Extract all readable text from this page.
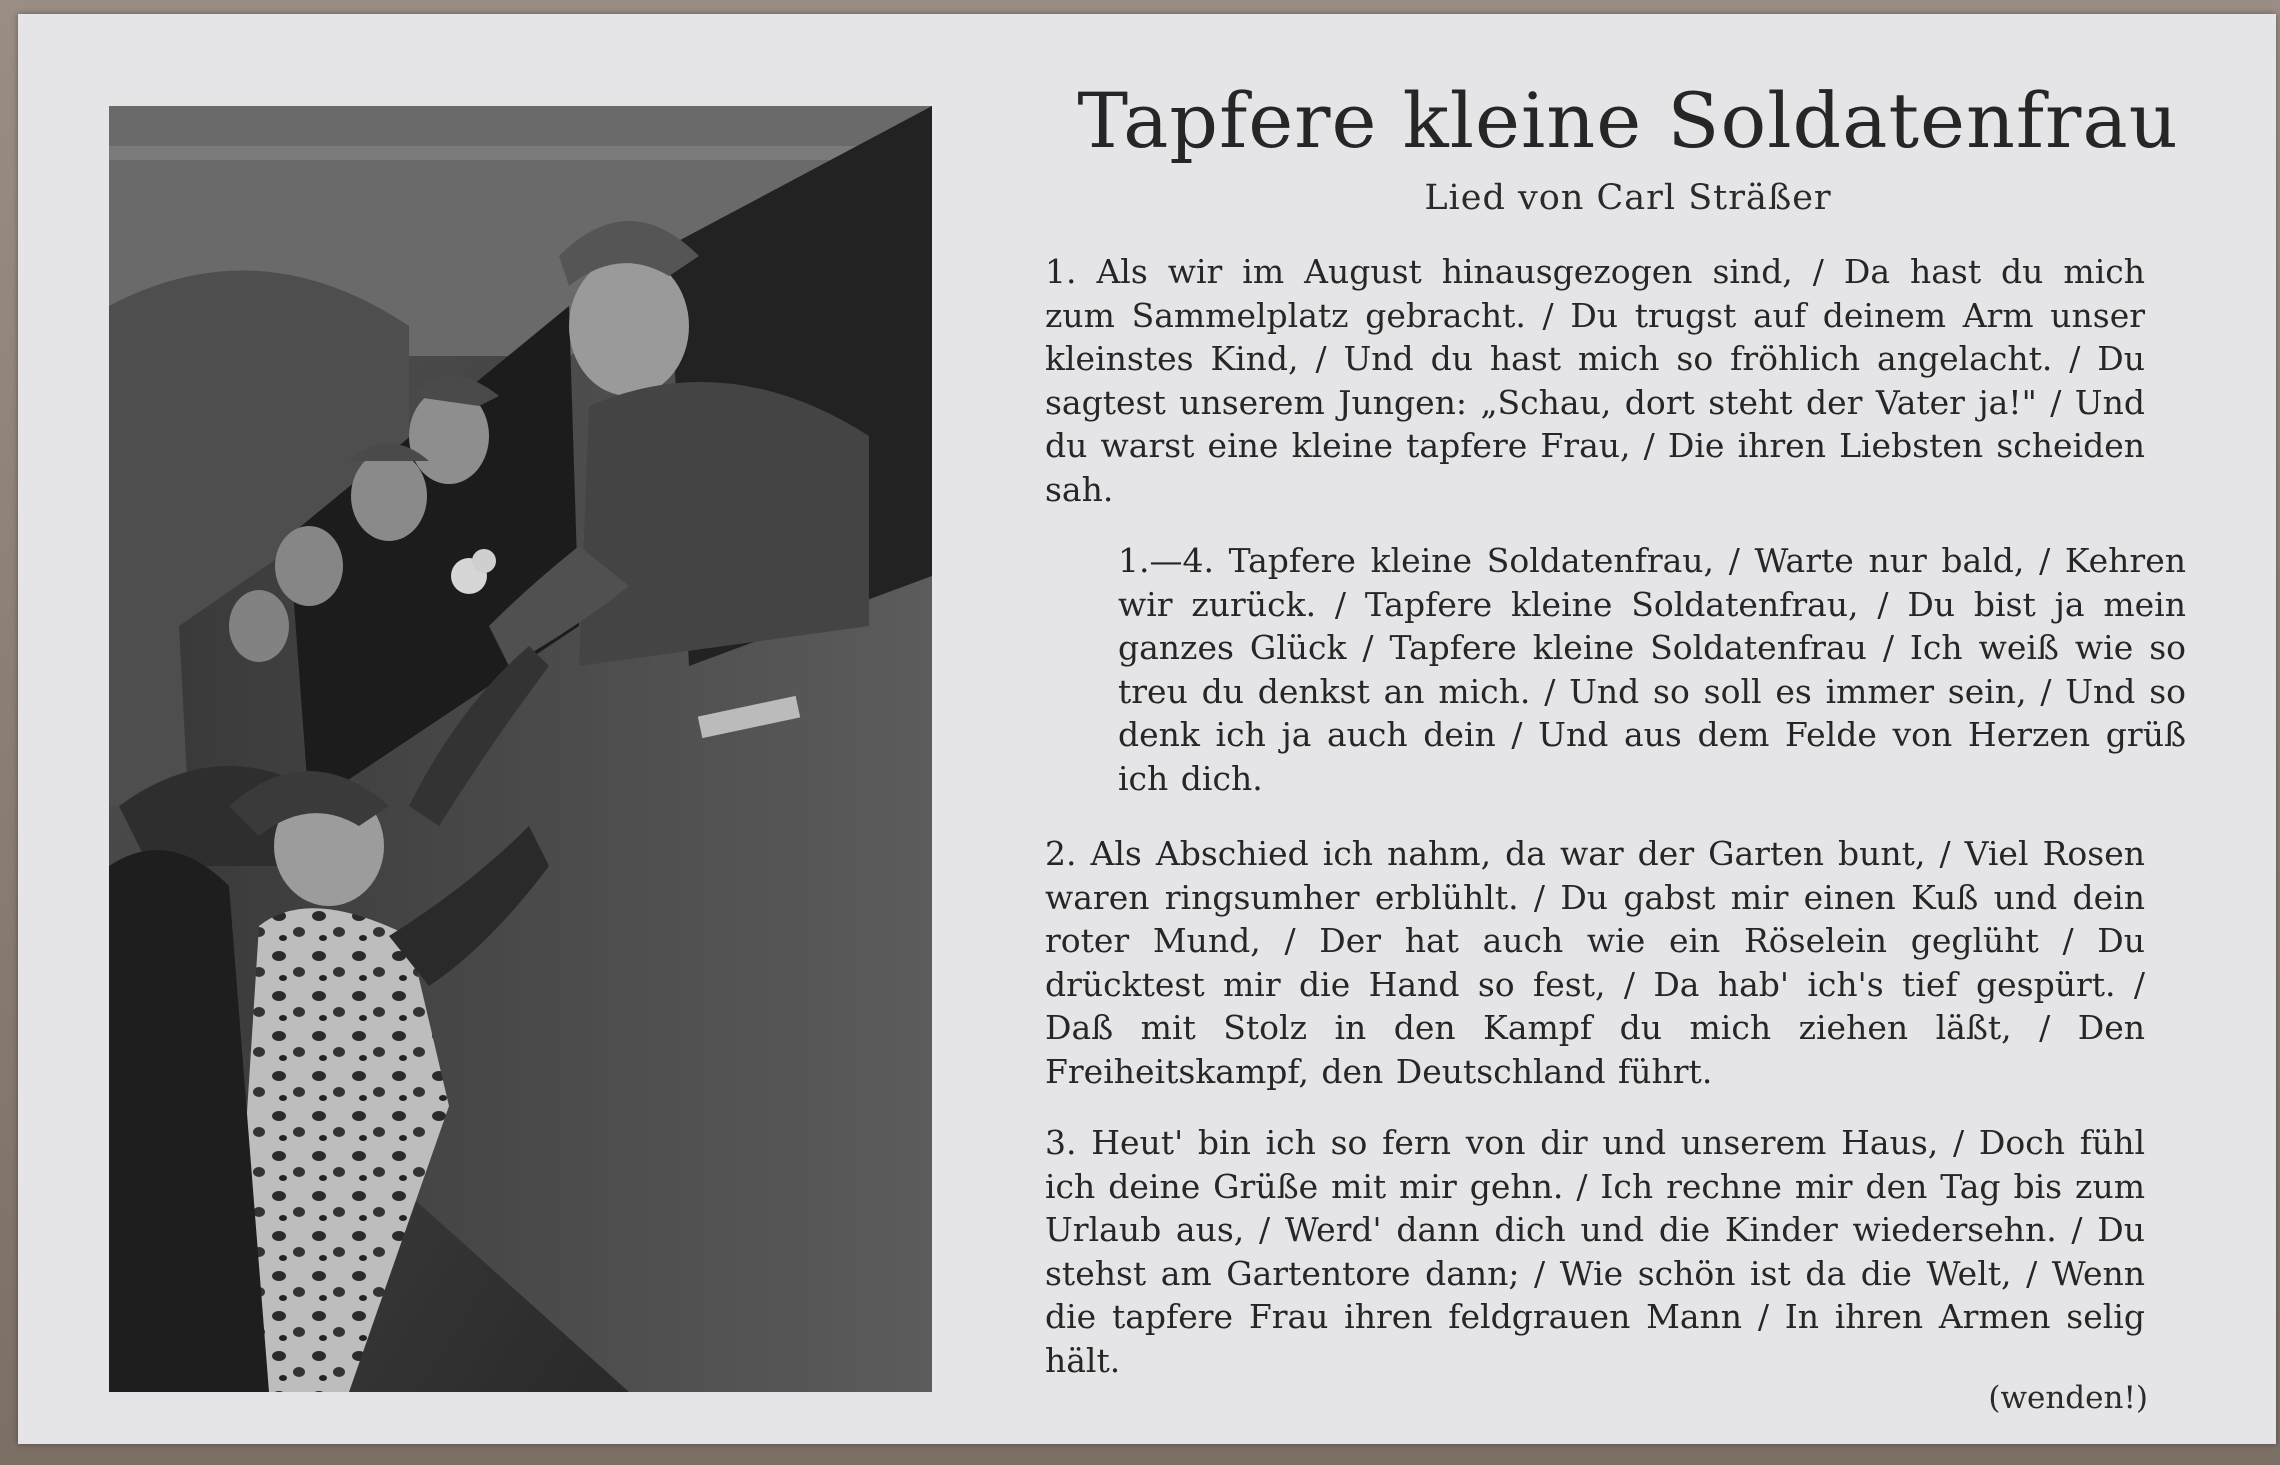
Tapfere kleine Soldatenfrau
Lied von Carl Sträßer
1. Als wir im August hinausgezogen sind, / Da hast du mich zum Sammelplatz gebracht. / Du trugst auf deinem Arm unser kleinstes Kind, / Und du hast mich so fröhlich angelacht. / Du sagtest unserem Jungen: „Schau, dort steht der Vater ja!" / Und du warst eine kleine tapfere Frau, / Die ihren Liebsten scheiden sah.
1.—4. Tapfere kleine Soldatenfrau, / Warte nur bald, / Kehren wir zurück. / Tapfere kleine Soldatenfrau, / Du bist ja mein ganzes Glück / Tapfere kleine Soldatenfrau / Ich weiß wie so treu du denkst an mich. / Und so soll es immer sein, / Und so denk ich ja auch dein / Und aus dem Felde von Herzen grüß ich dich.
2. Als Abschied ich nahm, da war der Garten bunt, / Viel Rosen waren ringsumher erblühlt. / Du gabst mir einen Kuß und dein roter Mund, / Der hat auch wie ein Röselein geglüht / Du drücktest mir die Hand so fest, / Da hab' ich's tief gespürt. / Daß mit Stolz in den Kampf du mich ziehen läßt, / Den Freiheitskampf, den Deutschland führt.
3. Heut' bin ich so fern von dir und unserem Haus, / Doch fühl ich deine Grüße mit mir gehn. / Ich rechne mir den Tag bis zum Urlaub aus, / Werd' dann dich und die Kinder wiedersehn. / Du stehst am Gartentore dann; / Wie schön ist da die Welt, / Wenn die tapfere Frau ihren feldgrauen Mann / In ihren Armen selig hält.
(wenden!)
